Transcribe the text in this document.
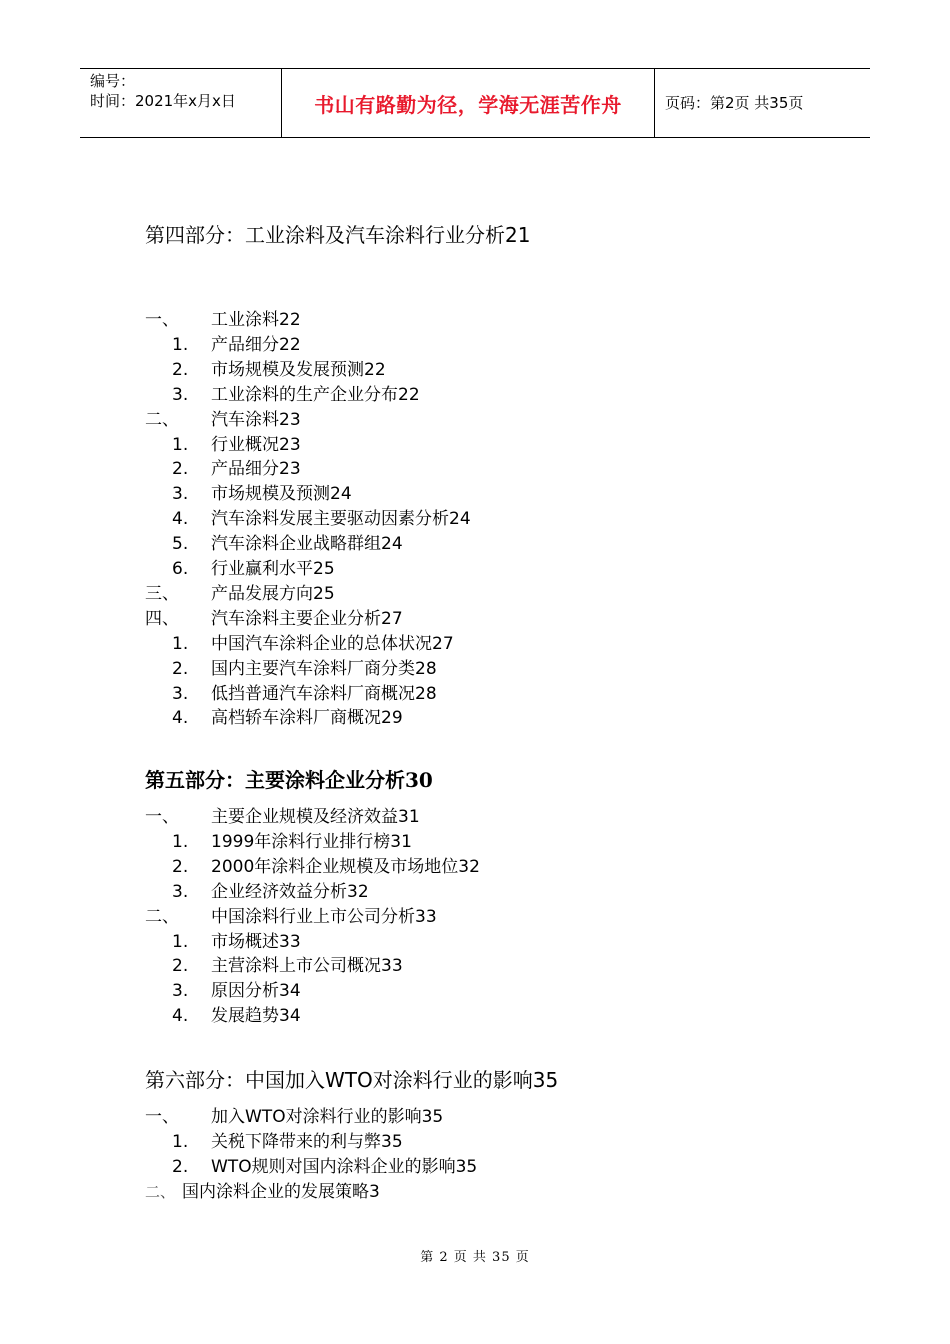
编号：
时间：2021年x月x日	书山有路勤为径，学海无涯苦作舟	页码：第2页 共35页
第四部分：工业涂料及汽车涂料行业分析21
一、	工业涂料22
1.	产品细分22
2.	市场规模及发展预测22
3.	工业涂料的生产企业分布22
二、	汽车涂料23
1.	行业概况23
2.	产品细分23
3.	市场规模及预测24
4.	汽车涂料发展主要驱动因素分析24
5.	汽车涂料企业战略群组24
6.	行业赢利水平25
三、	产品发展方向25
四、	汽车涂料主要企业分析27
1.	中国汽车涂料企业的总体状况27
2.	国内主要汽车涂料厂商分类28
3.	低挡普通汽车涂料厂商概况28
4.	高档轿车涂料厂商概况29
第五部分：主要涂料企业分析30
一、	主要企业规模及经济效益31
1.	1999年涂料行业排行榜31
2.	2000年涂料企业规模及市场地位32
3.	企业经济效益分析32
二、	中国涂料行业上市公司分析33
1.	市场概述33
2.	主营涂料上市公司概况33
3.	原因分析34
4.	发展趋势34
第六部分：中国加入WTO对涂料行业的影响35
一、	加入WTO对涂料行业的影响35
1.	关税下降带来的利与弊35
2.	WTO规则对国内涂料企业的影响35
二、 国内涂料企业的发展策略3
第 2 页 共 35 页
